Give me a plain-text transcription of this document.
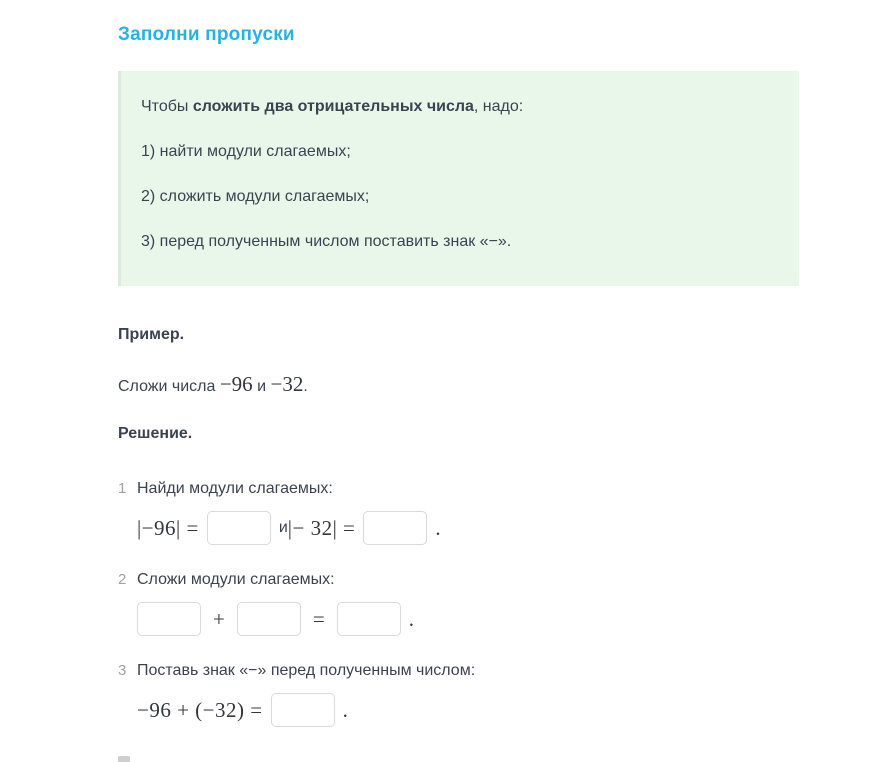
Заполни пропуски

Чтобы сложить два отрицательных числа, надо:

1) найти модули слагаемых;

2) сложить модули слагаемых;

3) перед полученным числом поставить знак «−».

Пример.

Сложи числа −96 и −32.

Решение.

1 Найди модули слагаемых:
|−96| =	и |− 32| =	.
2 Сложи модули слагаемых:
+	=	.
3 Поставь знак «−» перед полученным числом:
−96 + (−32) =	.
